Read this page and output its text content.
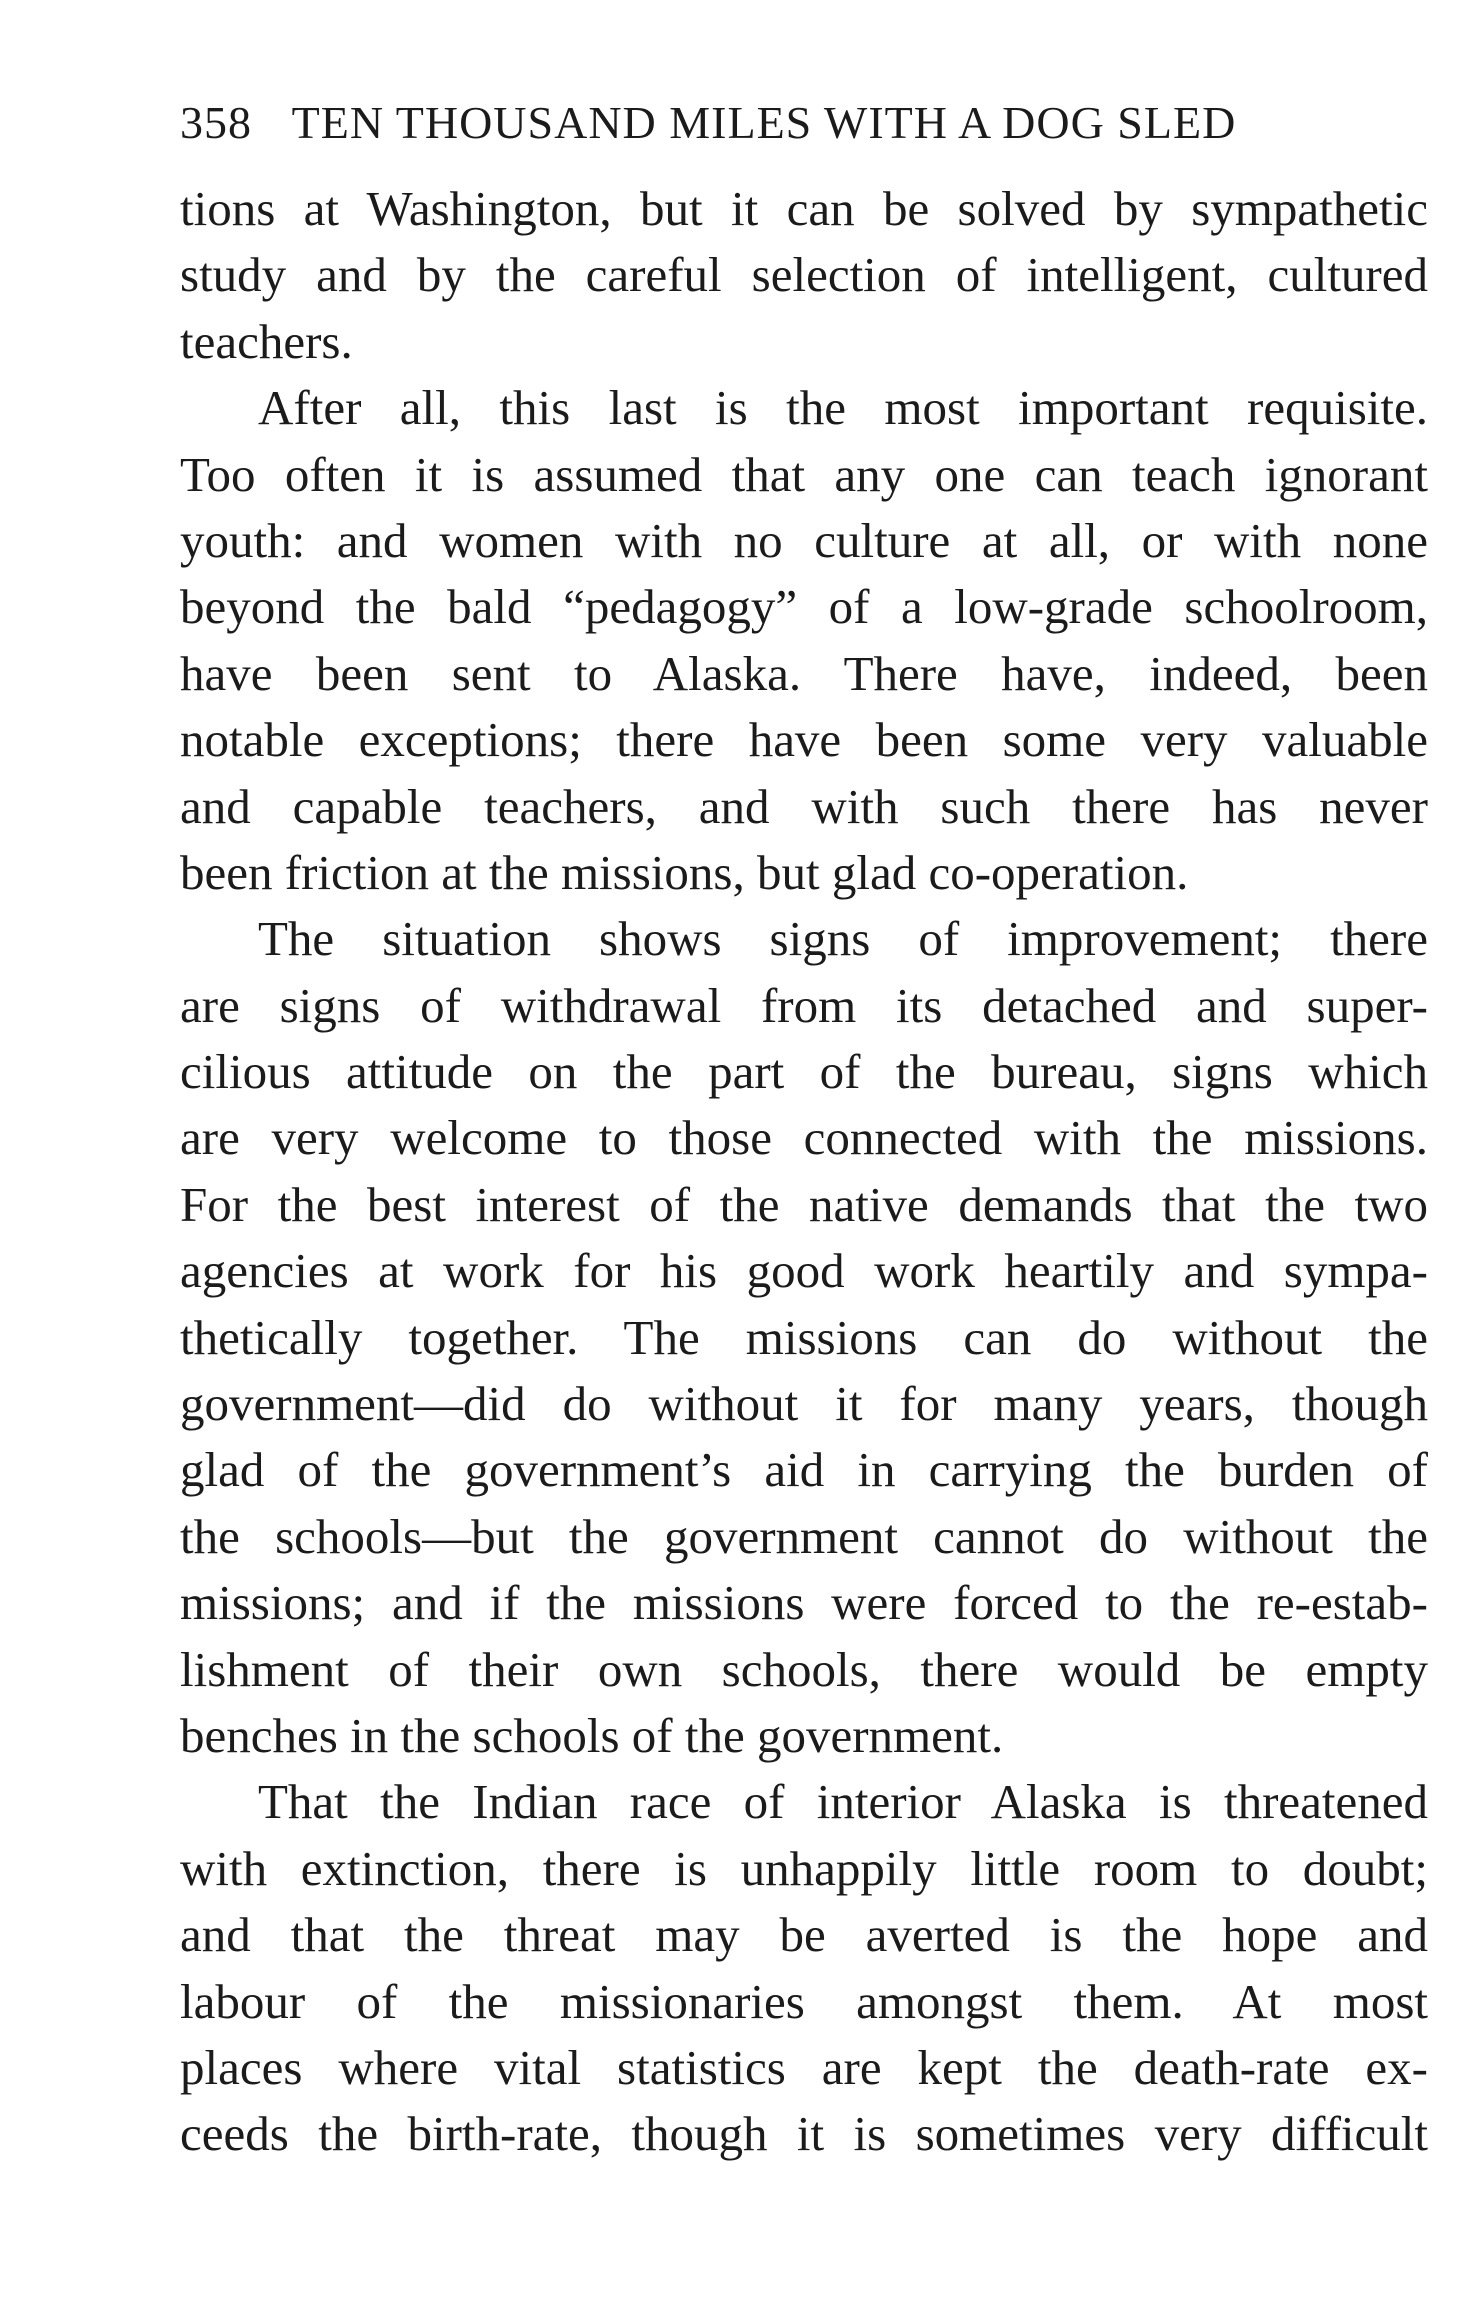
358 TEN THOUSAND MILES WITH A DOG SLED
tions at Washington, but it can be solved by sympathetic
study and by the careful selection of intelligent, cultured
teachers.
After all, this last is the most important requisite.
Too often it is assumed that any one can teach ignorant
youth: and women with no culture at all, or with none
beyond the bald “pedagogy” of a low-grade schoolroom,
have been sent to Alaska. There have, indeed, been
notable exceptions; there have been some very valuable
and capable teachers, and with such there has never
been friction at the missions, but glad co-operation.
The situation shows signs of improvement; there
are signs of withdrawal from its detached and super-
cilious attitude on the part of the bureau, signs which
are very welcome to those connected with the missions.
For the best interest of the native demands that the two
agencies at work for his good work heartily and sympa-
thetically together. The missions can do without the
government—did do without it for many years, though
glad of the government’s aid in carrying the burden of
the schools—but the government cannot do without the
missions; and if the missions were forced to the re-estab-
lishment of their own schools, there would be empty
benches in the schools of the government.
That the Indian race of interior Alaska is threatened
with extinction, there is unhappily little room to doubt;
and that the threat may be averted is the hope and
labour of the missionaries amongst them. At most
places where vital statistics are kept the death-rate ex-
ceeds the birth-rate, though it is sometimes very difficult
